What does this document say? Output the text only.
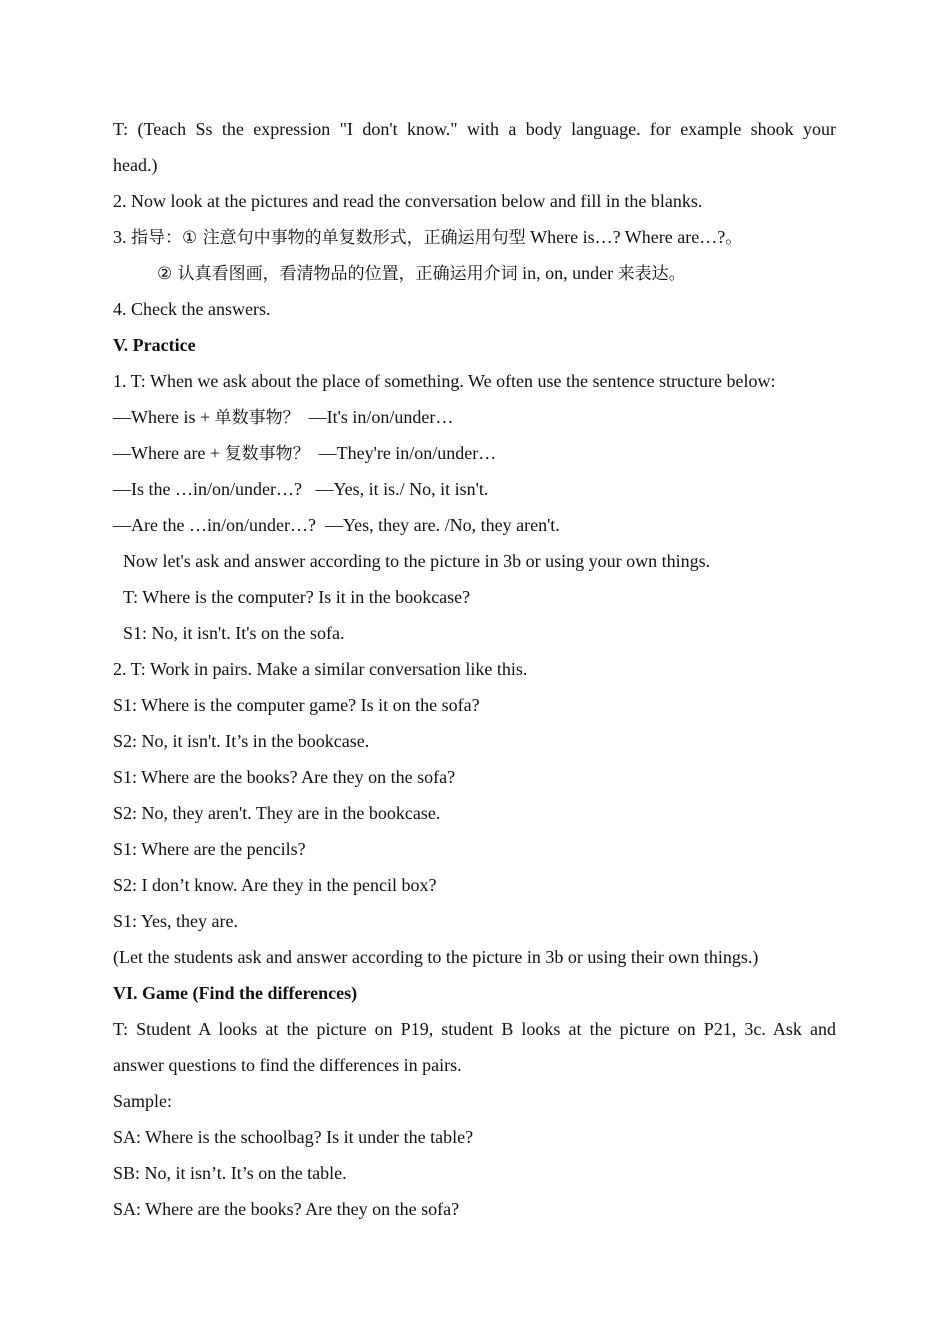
T: (Teach Ss the expression "I don't know." with a body language. for example shook your
head.)
2. Now look at the pictures and read the conversation below and fill in the blanks.
3. 指导：① 注意句中事物的单复数形式，正确运用句型 Where is…? Where are…?。
② 认真看图画，看清物品的位置，正确运用介词 in, on, under 来表达。
4. Check the answers.
V. Practice
1. T: When we ask about the place of something. We often use the sentence structure below:
—Where is + 单数事物？  —It's in/on/under…
—Where are + 复数事物？  —They're in/on/under…
—Is the …in/on/under…?   —Yes, it is./ No, it isn't.
—Are the …in/on/under…?  —Yes, they are. /No, they aren't.
Now let's ask and answer according to the picture in 3b or using your own things.
T: Where is the computer? Is it in the bookcase?
S1: No, it isn't. It's on the sofa.
2. T: Work in pairs. Make a similar conversation like this.
S1: Where is the computer game? Is it on the sofa?
S2: No, it isn't. It’s in the bookcase.
S1: Where are the books? Are they on the sofa?
S2: No, they aren't. They are in the bookcase.
S1: Where are the pencils?
S2: I don’t know. Are they in the pencil box?
S1: Yes, they are.
(Let the students ask and answer according to the picture in 3b or using their own things.)
VI. Game (Find the differences)
T: Student A looks at the picture on P19, student B looks at the picture on P21, 3c. Ask and
answer questions to find the differences in pairs.
Sample:
SA: Where is the schoolbag? Is it under the table?
SB: No, it isn’t. It’s on the table.
SA: Where are the books? Are they on the sofa?
